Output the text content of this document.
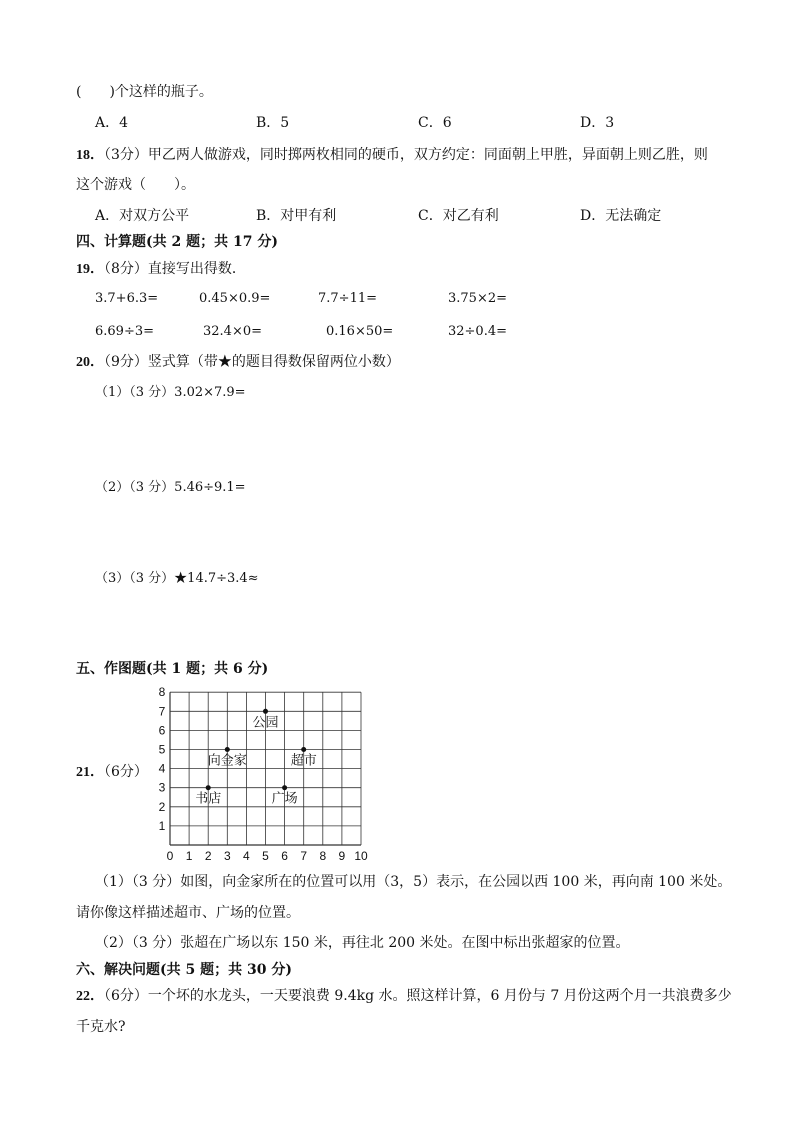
(　　)个这样的瓶子。
A．4	B．5	C．6	D．3
18．（3分）甲乙两人做游戏，同时掷两枚相同的硬币，双方约定：同面朝上甲胜，异面朝上则乙胜，则
这个游戏（　　）。
A．对双方公平	B．对甲有利	C．对乙有利	D．无法确定
四、计算题(共 2 题；共 17 分)
19．（8分）直接写出得数．
3.7+6.3=	0.45×0.9=	7.7÷11=	3.75×2=
6.69÷3=	32.4×0=	0.16×50=	32÷0.4=
20．（9分）竖式算（带★的题目得数保留两位小数）
（1）（3 分）3.02×7.9=
（2）（3 分）5.46÷9.1=
（3）（3 分）★14.7÷3.4≈
五、作图题(共 1 题；共 6 分)
21．（6分）
0 1 2 3 4 5 6 7 8 9 10
1
2
3
4
5
6
7
8
公园
向金家	超市
书店	广场
（1）（3 分）如图，向金家所在的位置可以用（3，5）表示，在公园以西 100 米，再向南 100 米处。
请你像这样描述超市、广场的位置。
（2）（3 分）张超在广场以东 150 米，再往北 200 米处。在图中标出张超家的位置。
六、解决问题(共 5 题；共 30 分)
22．（6分）一个坏的水龙头，一天要浪费 9.4kg 水。照这样计算，6 月份与 7 月份这两个月一共浪费多少
千克水?
